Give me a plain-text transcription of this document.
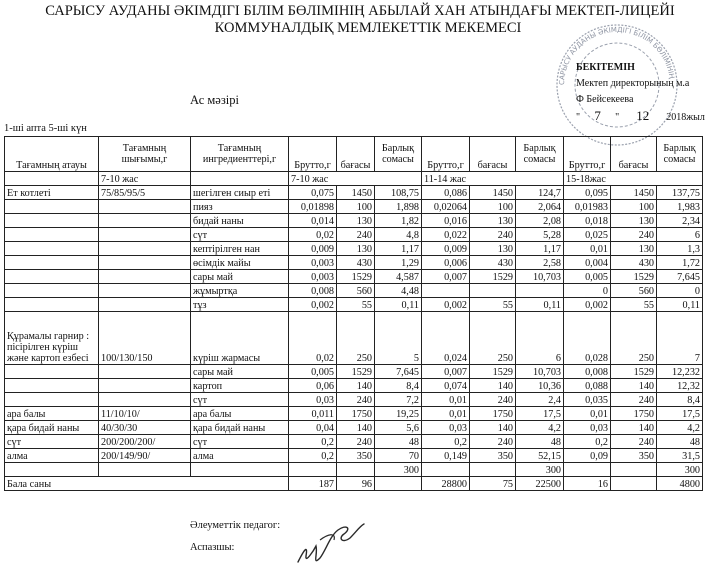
САРЫСУ АУДАНЫ ӘКІМДІГІ БІЛІМ БӨЛІМІНІҢ АБЫЛАЙ ХАН АТЫНДАҒЫ МЕКТЕП-ЛИЦЕЙІ
КОММУНАЛДЫҚ МЕМЛЕКЕТТІК МЕКЕМЕСІ
САРЫСУ АУДАНЫ ӘКІМДІГІ БІЛІМ БӨЛІМІНІҢ
БЕКІТЕМІН
Мектеп директорының м.а
Ф Бейсекеева
" 7 " 12 2018жыл
Ас мәзірі
1-ші апта 5-ші күн
Тағамның атауы	Тағамның шығымы,г	Тағамның ингредиенттері,г	Брутто,г	бағасы	Барлық сомасы	Брутто,г	бағасы	Барлық сомасы	Брутто,г	бағасы	Барлық сомасы
	7-10 жас		7-10 жас			11-14 жас			15-18жас		
Ет котлеті	75/85/95/5	шегілген сиыр еті	0,075	1450	108,75	0,086	1450	124,7	0,095	1450	137,75
		пияз	0,01898	100	1,898	0,02064	100	2,064	0,01983	100	1,983
		бидай наны	0,014	130	1,82	0,016	130	2,08	0,018	130	2,34
		сүт	0,02	240	4,8	0,022	240	5,28	0,025	240	6
		кептірілген нан	0,009	130	1,17	0,009	130	1,17	0,01	130	1,3
		өсімдік майы	0,003	430	1,29	0,006	430	2,58	0,004	430	1,72
		сары май	0,003	1529	4,587	0,007	1529	10,703	0,005	1529	7,645
		жұмыртқа	0,008	560	4,48				0	560	0
		тұз	0,002	55	0,11	0,002	55	0,11	0,002	55	0,11
Құрамалы гарнир : пісірілген күріш және картоп езбесі	100/130/150	күріш жармасы	0,02	250	5	0,024	250	6	0,028	250	7
		сары май	0,005	1529	7,645	0,007	1529	10,703	0,008	1529	12,232
		картоп	0,06	140	8,4	0,074	140	10,36	0,088	140	12,32
		сүт	0,03	240	7,2	0,01	240	2,4	0,035	240	8,4
ара балы	11/10/10/	ара балы	0,011	1750	19,25	0,01	1750	17,5	0,01	1750	17,5
қара бидай наны	40/30/30	қара бидай наны	0,04	140	5,6	0,03	140	4,2	0,03	140	4,2
сүт	200/200/200/	сүт	0,2	240	48	0,2	240	48	0,2	240	48
алма	200/149/90/	алма	0,2	350	70	0,149	350	52,15	0,09	350	31,5
					300			300			300
Бала саны			187	96		28800	75	22500	16		4800
Әлеуметтік педагог:
Аспазшы:
